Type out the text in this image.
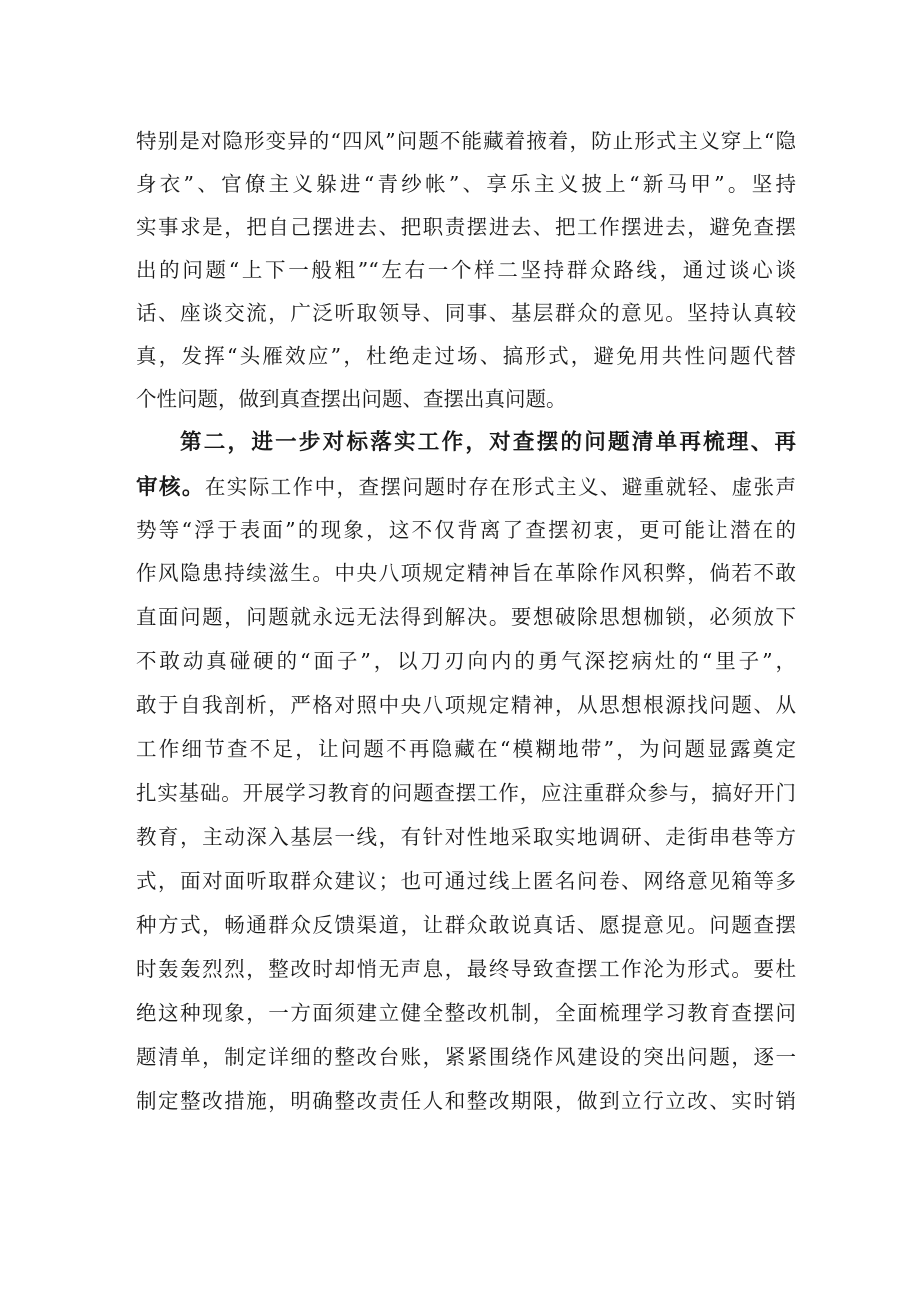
特别是对隐形变异的“四风”问题不能藏着掖着，防止形式主义穿上“隐
身衣”、官僚主义躲进“青纱帐”、享乐主义披上“新马甲”。坚持
实事求是，把自己摆进去、把职责摆进去、把工作摆进去，避免查摆
出的问题“上下一般粗”“左右一个样二坚持群众路线，通过谈心谈
话、座谈交流，广泛听取领导、同事、基层群众的意见。坚持认真较
真，发挥“头雁效应”，杜绝走过场、搞形式，避免用共性问题代替
个性问题，做到真查摆出问题、查摆出真问题。
第二，进一步对标落实工作，对查摆的问题清单再梳理、再
审核。在实际工作中，查摆问题时存在形式主义、避重就轻、虚张声
势等“浮于表面”的现象，这不仅背离了查摆初衷，更可能让潜在的
作风隐患持续滋生。中央八项规定精神旨在革除作风积弊，倘若不敢
直面问题，问题就永远无法得到解决。要想破除思想枷锁，必须放下
不敢动真碰硬的“面子”，以刀刃向内的勇气深挖病灶的“里子”，
敢于自我剖析，严格对照中央八项规定精神，从思想根源找问题、从
工作细节查不足，让问题不再隐藏在“模糊地带”，为问题显露奠定
扎实基础。开展学习教育的问题查摆工作，应注重群众参与，搞好开门
教育，主动深入基层一线，有针对性地采取实地调研、走街串巷等方
式，面对面听取群众建议；也可通过线上匿名问卷、网络意见箱等多
种方式，畅通群众反馈渠道，让群众敢说真话、愿提意见。问题查摆
时轰轰烈烈，整改时却悄无声息，最终导致查摆工作沦为形式。要杜
绝这种现象，一方面须建立健全整改机制，全面梳理学习教育查摆问
题清单，制定详细的整改台账，紧紧围绕作风建设的突出问题，逐一
制定整改措施，明确整改责任人和整改期限，做到立行立改、实时销
